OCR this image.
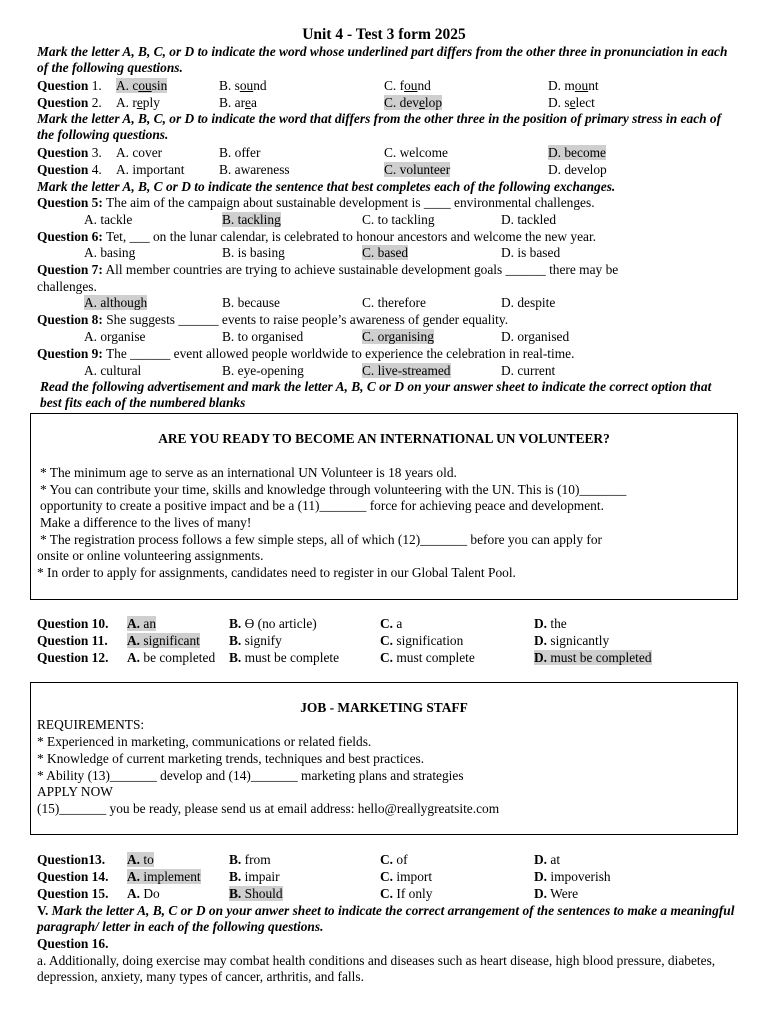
Unit 4 - Test 3 form 2025
Mark the letter A, B, C, or D to indicate the word whose underlined part differs from the other three in pronunciation in each of the following questions.
Question 1. A. cousin	B. sound	C. found	D. mount
Question 2. A. reply	B. area	C. develop	D. select
Mark the letter A, B, C, or D to indicate the word that differs from the other three in the position of primary stress in each of the following questions.
Question 3. A. cover	B. offer	C. welcome	D. become
Question 4. A. important	B. awareness	C. volunteer	D. develop
Mark the letter A, B, C or D to indicate the sentence that best completes each of the following exchanges.
Question 5: The aim of the campaign about sustainable development is ____ environmental challenges.
A. tackle	B. tackling	C. to tackling	D. tackled
Question 6: Tet, ___ on the lunar calendar, is celebrated to honour ancestors and welcome the new year.
A. basing	B. is basing	C. based	D. is based
Question 7: All member countries are trying to achieve sustainable development goals ______ there may be
challenges.
A. although	B. because	C. therefore	D. despite
Question 8: She suggests ______ events to raise people’s awareness of gender equality.
A. organise	B. to organised	C. organising	D. organised
Question 9: The ______ event allowed people worldwide to experience the celebration in real-time.
A. cultural	B. eye-opening	C. live-streamed	D. current
Read the following advertisement and mark the letter A, B, C or D on your answer sheet to indicate the correct option that best fits each of the numbered blanks
ARE YOU READY TO BECOME AN INTERNATIONAL UN VOLUNTEER?
* The minimum age to serve as an international UN Volunteer is 18 years old.
* You can contribute your time, skills and knowledge through volunteering with the UN. This is (10)_______
opportunity to create a positive impact and be a (11)_______ force for achieving peace and development.
Make a difference to the lives of many!
* The registration process follows a few simple steps, all of which (12)_______ before you can apply for
onsite or online volunteering assignments.
* In order to apply for assignments, candidates need to register in our Global Talent Pool.
Question 10. A. an	B. ϴ (no article)	C. a	D. the
Question 11. A. significant B. signify	C. signification	D. signicantly
Question 12. A. be completed B. must be complete	C. must complete	D. must be completed
JOB - MARKETING STAFF
REQUIREMENTS:
* Experienced in marketing, communications or related fields.
* Knowledge of current marketing trends, techniques and best practices.
* Ability (13)_______ develop and (14)_______ marketing plans and strategies
APPLY NOW
(15)_______ you be ready, please send us at email address: hello@reallygreatsite.com
Question13. A. to	B. from	C. of	D. at
Question 14. A. implement B. impair	C. import	D. impoverish
Question 15. A. Do	B. Should	C. If only	D. Were
V. Mark the letter A, B, C or D on your anwer sheet to indicate the correct arrangement of the sentences to make a meaningful paragraph/ letter in each of the following questions.
Question 16.
a. Additionally, doing exercise may combat health conditions and diseases such as heart disease, high blood pressure, diabetes, depression, anxiety, many types of cancer, arthritis, and falls.
